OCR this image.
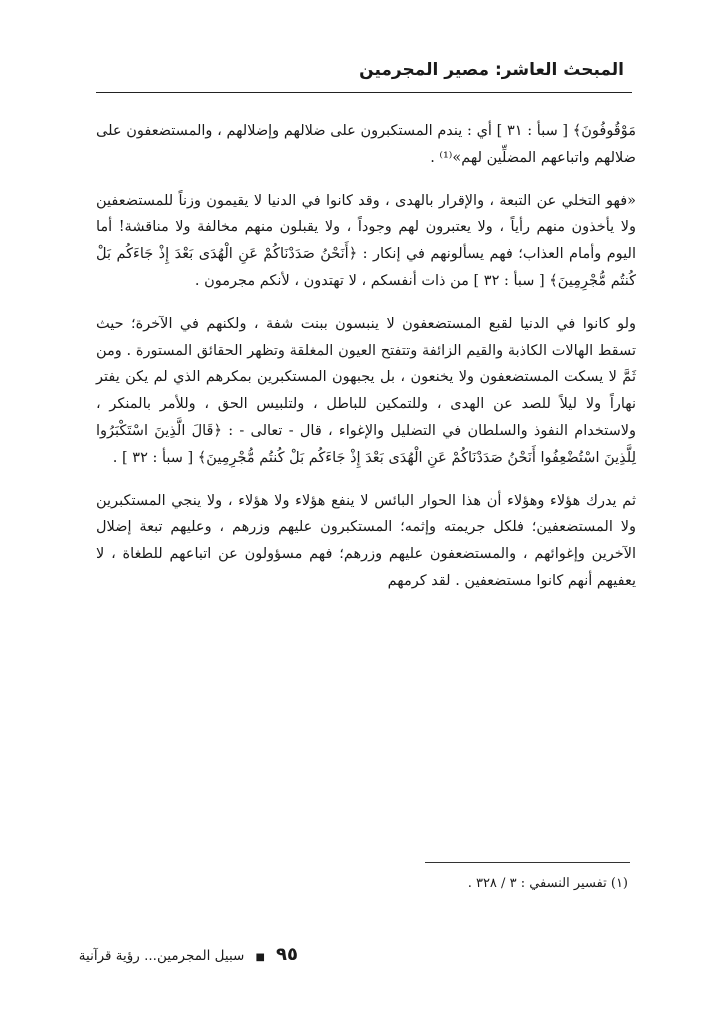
المبحث العاشر: مصير المجرمين

مَوْقُوفُونَ﴾ [ سبأ : ٣١ ] أي : يندم المستكبرون على ضلالهم وإضلالهم ، والمستضعفون على ضلالهم واتباعهم المضلِّين لهم»⁽¹⁾ .

«فهو التخلي عن التبعة ، والإقرار بالهدى ، وقد كانوا في الدنيا لا يقيمون وزناً للمستضعفين ولا يأخذون منهم رأياً ، ولا يعتبرون لهم وجوداً ، ولا يقبلون منهم مخالفة ولا مناقشة! أما اليوم وأمام العذاب؛ فهم يسألونهم في إنكار : ﴿أَنَحْنُ صَدَدْنَاكُمْ عَنِ الْهُدَى بَعْدَ إِذْ جَاءَكُم بَلْ كُنتُم مُّجْرِمِينَ﴾ [ سبأ : ٣٢ ] من ذات أنفسكم ، لا تهتدون ، لأنكم مجرمون .

ولو كانوا في الدنيا لقبع المستضعفون لا ينبسون ببنت شفة ، ولكنهم في الآخرة؛ حيث تسقط الهالات الكاذبة والقيم الزائفة وتتفتح العيون المغلقة وتظهر الحقائق المستورة . ومن ثَمَّ لا يسكت المستضعفون ولا يخنعون ، بل يجبهون المستكبرين بمكرهم الذي لم يكن يفتر نهاراً ولا ليلاً للصد عن الهدى ، وللتمكين للباطل ، ولتلبيس الحق ، وللأمر بالمنكر ، ولاستخدام النفوذ والسلطان في التضليل والإغواء ، قال - تعالى - : ﴿قَالَ الَّذِينَ اسْتَكْبَرُوا لِلَّذِينَ اسْتُضْعِفُوا أَنَحْنُ صَدَدْنَاكُمْ عَنِ الْهُدَى بَعْدَ إِذْ جَاءَكُم بَلْ كُنتُم مُّجْرِمِينَ﴾ [ سبأ : ٣٢ ] .

ثم يدرك هؤلاء وهؤلاء أن هذا الحوار البائس لا ينفع هؤلاء ولا هؤلاء ، ولا ينجي المستكبرين ولا المستضعفين؛ فلكل جريمته وإثمه؛ المستكبرون عليهم وزرهم ، وعليهم تبعة إضلال الآخرين وإغوائهم ، والمستضعفون عليهم وزرهم؛ فهم مسؤولون عن اتباعهم للطغاة ، لا يعفيهم أنهم كانوا مستضعفين . لقد كرمهم

(١) تفسير النسفي : ٣ / ٣٢٨ .
٩٥ ■ سبيل المجرمين... رؤية قرآنية
